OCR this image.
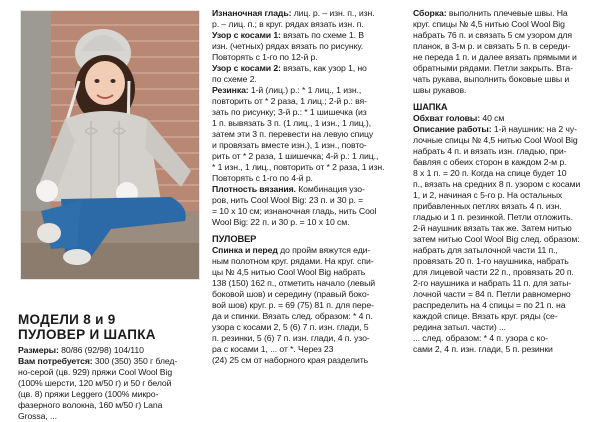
МОДЕЛИ 8 и 9

ПУЛОВЕР И ШАПКА

Размеры: 80/86 (92/98) 104/110

Вам потребуется: 300 (350) 350 г блед-

но-серой (цв. 929) пряжи Cool Wool Big

(100% шерсти, 120 м/50 г) и 50 г белой

(цв. 8) пряжи Leggero (100% микро-

фазерного волокна, 160 м/50 г) Lana

Grossa, ...

Изнаночная гладь: лиц. р. – изн. п., изн.

р. – лиц. п.; в круг. рядах вязать изн. п.

Узор с косами 1: вязать по схеме 1. В

изн. (четных) рядах вязать по рисунку.

Повторять с 1-го по 12-й р.

Узор с косами 2: вязать, как узор 1, но

по схеме 2.

Резинка: 1-й (лиц.) р.: * 1 лиц., 1 изн.,

повторить от * 2 раза, 1 лиц.; 2-й р.: вя-

зать по рисунку; 3-й р.: * 1 шишечка (из

1 п. вывязать 3 п. (1 лиц., 1 изн., 1 лиц.),

затем эти 3 п. перевести на левую спицу

и провязать вместе изн.), 1 изн., повто-

рить от * 2 раза, 1 шишечка; 4-й р.: 1 лиц.,

* 1 изн., 1 лиц., повторить от * 2 раза, 1 изн.

Повторять с 1-го по 4-й р.

Плотность вязания. Комбинация узо-

ров, нить Cool Wool Big: 23 п. и 30 р. =

= 10 х 10 см; изнаночная гладь, нить Cool

Wool Big: 22 п. и 30 р. = 10 х 10 см.

ПУЛОВЕР

Спинка и перед до пройм вяжутся еди-

ным полотном круг. рядами. На круг. спи-

цы № 4,5 нитью Cool Wool Big набрать

138 (150) 162 п., отметить начало (левый

боковой шов) и середину (правый боко-

вой шов) круг. р. = 69 (75) 81 п. для пере-

да и спинки. Вязать след. образом: * 4 п.

узора с косами 2, 5 (6) 7 п. изн. глади, 5

п. резинки, 5 (6) 7 п. изн. глади, 4 п. узо-

ра с косами 1, ... от *. Через 23

(24) 25 см от наборного края разделить

Сборка: выполнить плечевые швы. На

круг. спицы № 4,5 нитью Cool Wool Big

набрать 76 п. и связать 5 см узором для

планок, в 3-м р. и связать 5 п. в середи-

не переда 1 п. и далее вязать прямыми и

обратными рядами. Петли закрыть. Вта-

чать рукава, выполнить боковые швы и

швы рукавов.

ШАПКА

Обхват головы: 40 см

Описание работы: 1-й наушник: на 2 чу-

лочные спицы № 4,5 нитью Cool Wool Big

набрать 4 п. и вязать изн. гладью, при-

бавляя с обеих сторон в каждом 2-м р.

8 х 1 п. = 20 п. Когда на спице будет 10

п., вязать на средних 8 п. узором с косами

1, и 2, начиная с 5-го р. На остальных

прибавленных петлях вязать 4 п. изн.

гладью и 1 п. резинкой. Петли отложить.

2-й наушник вязать так же. Затем нитью

затем нитью Cool Wool Big след. образом:

набрать для затылочной части 11 п.,

провязать 20 п. 1-го наушника, набрать

для лицевой части 22 п., провязать 20 п.

2-го наушника и набрать 11 п. для заты-

лочной части = 84 п. Петли равномерно

распределить на 4 спицы = по 21 п. на

каждой спице. Вязать круг. ряды (се-

редина затыл. части) ...

... след. образом: * 4 п. узора с ко-

сами 2, 4 п. изн. глади, 5 п. резинки
